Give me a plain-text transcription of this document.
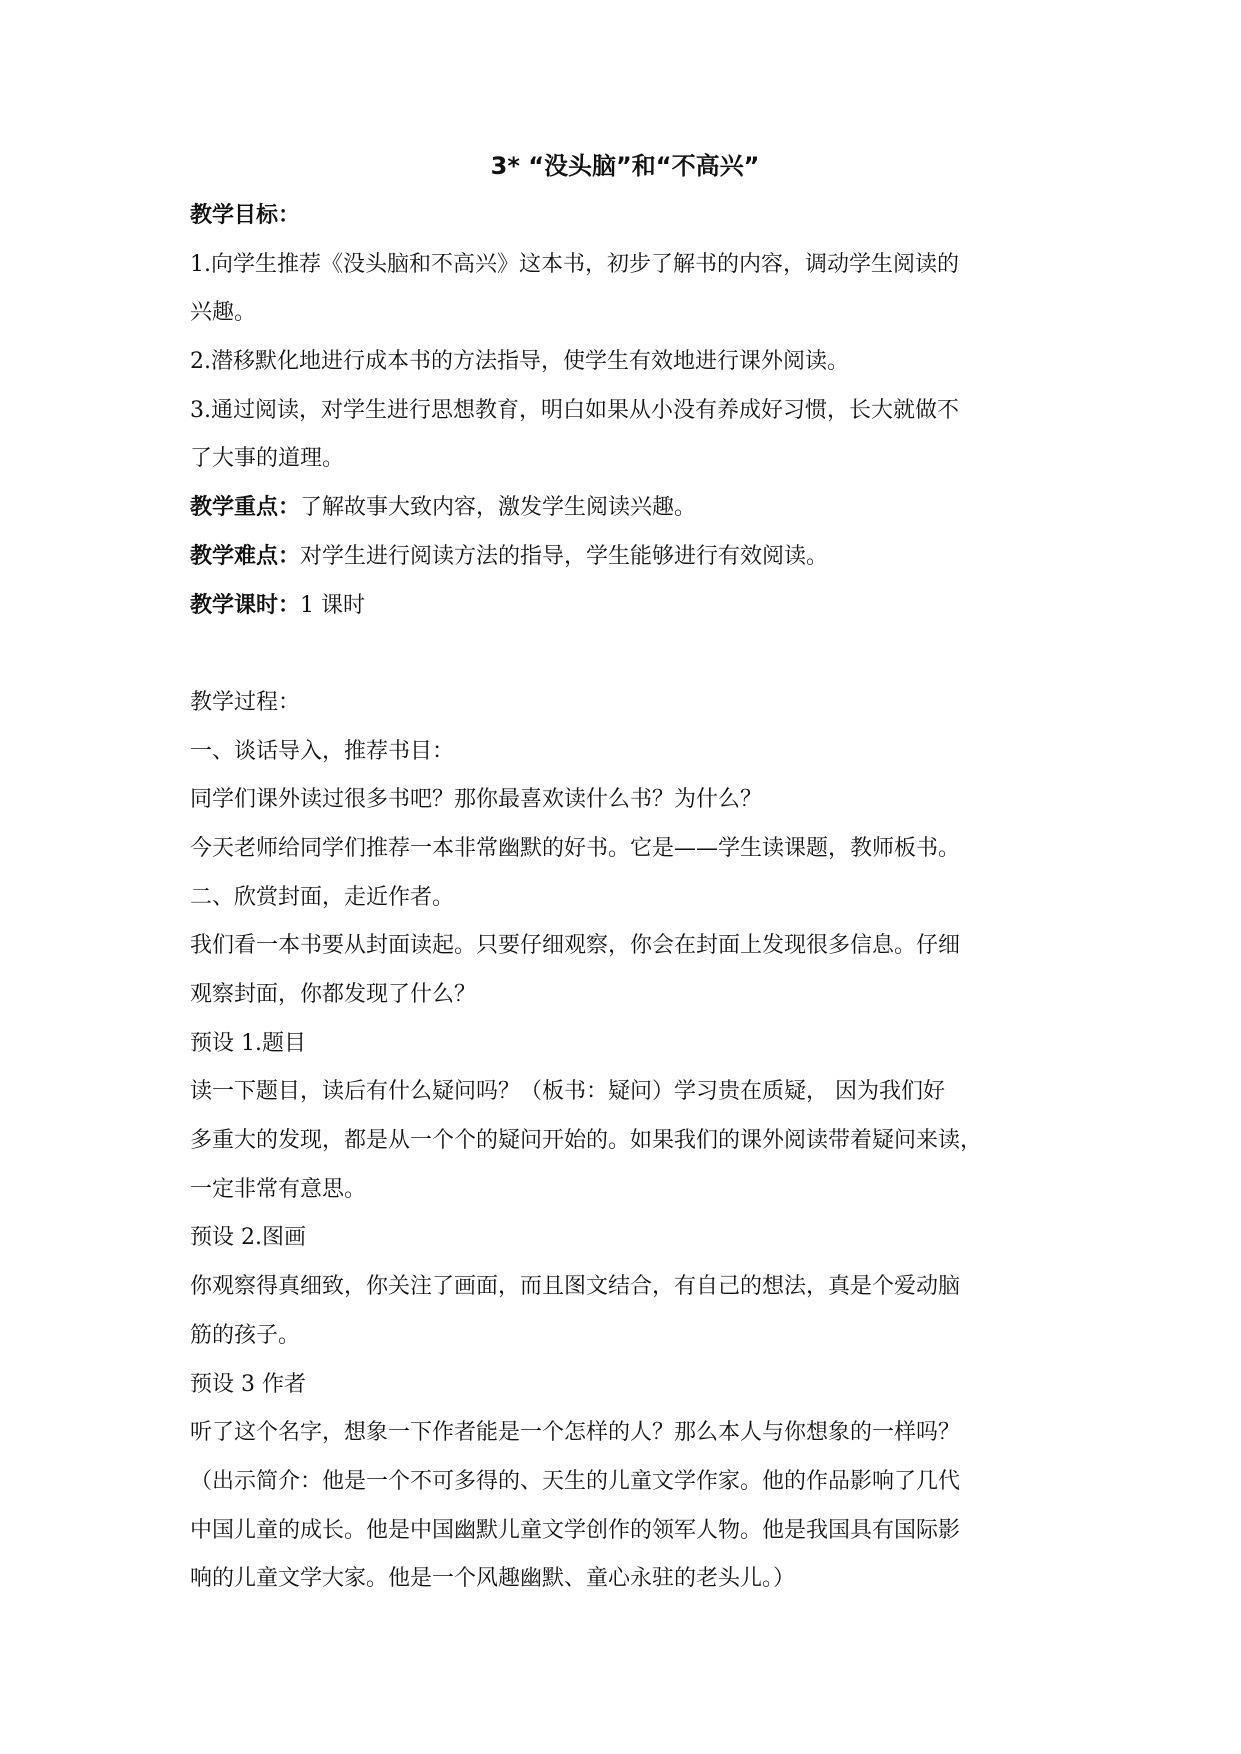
3* “没头脑”和“不高兴”

教学目标：

1.向学生推荐《没头脑和不高兴》这本书，初步了解书的内容，调动学生阅读的

兴趣。

2.潜移默化地进行成本书的方法指导，使学生有效地进行课外阅读。

3.通过阅读，对学生进行思想教育，明白如果从小没有养成好习惯，长大就做不

了大事的道理。

教学重点：了解故事大致内容，激发学生阅读兴趣。

教学难点：对学生进行阅读方法的指导，学生能够进行有效阅读。

教学课时：1 课时

教学过程：

一、谈话导入，推荐书目：

同学们课外读过很多书吧？那你最喜欢读什么书？为什么？

今天老师给同学们推荐一本非常幽默的好书。它是——学生读课题，教师板书。

二、欣赏封面，走近作者。

我们看一本书要从封面读起。只要仔细观察，你会在封面上发现很多信息。仔细

观察封面，你都发现了什么？

预设 1.题目

读一下题目，读后有什么疑问吗？（板书：疑问）学习贵在质疑， 因为我们好

多重大的发现，都是从一个个的疑问开始的。如果我们的课外阅读带着疑问来读，

一定非常有意思。

预设 2.图画

你观察得真细致，你关注了画面，而且图文结合，有自己的想法，真是个爱动脑

筋的孩子。

预设 3 作者

听了这个名字，想象一下作者能是一个怎样的人？那么本人与你想象的一样吗？

（出示简介：他是一个不可多得的、天生的儿童文学作家。他的作品影响了几代

中国儿童的成长。他是中国幽默儿童文学创作的领军人物。他是我国具有国际影

响的儿童文学大家。他是一个风趣幽默、童心永驻的老头儿。）
